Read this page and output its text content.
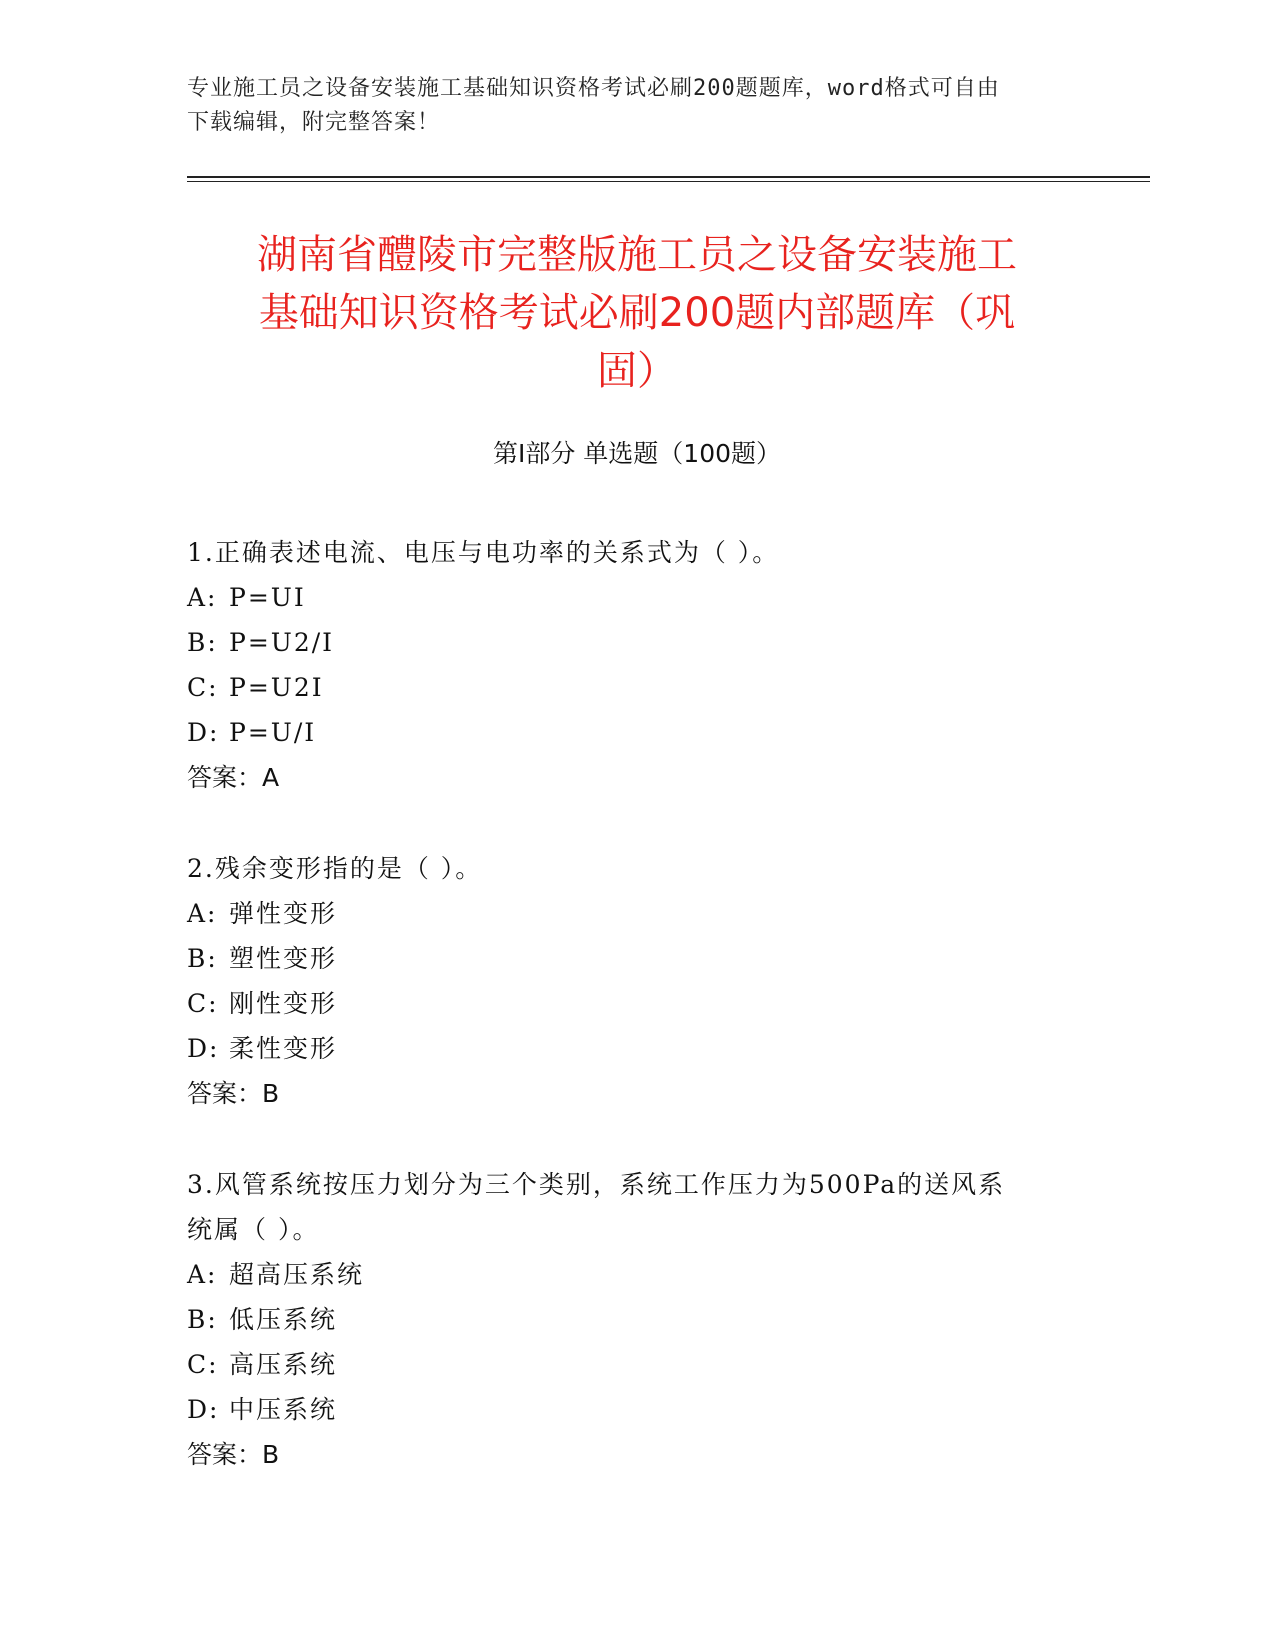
专业施工员之设备安装施工基础知识资格考试必刷200题题库，word格式可自由
下载编辑，附完整答案！
湖南省醴陵市完整版施工员之设备安装施工
基础知识资格考试必刷200题内部题库（巩
固）
第Ⅰ部分 单选题（100题）
1.正确表述电流、电压与电功率的关系式为（ ）。
A: P=UI
B: P=U2/I
C: P=U2I
D: P=U/I
答案：A
2.残余变形指的是（ ）。
A: 弹性变形
B: 塑性变形
C: 刚性变形
D: 柔性变形
答案：B
3.风管系统按压力划分为三个类别，系统工作压力为500Pa的送风系
统属（ ）。
A: 超高压系统
B: 低压系统
C: 高压系统
D: 中压系统
答案：B
